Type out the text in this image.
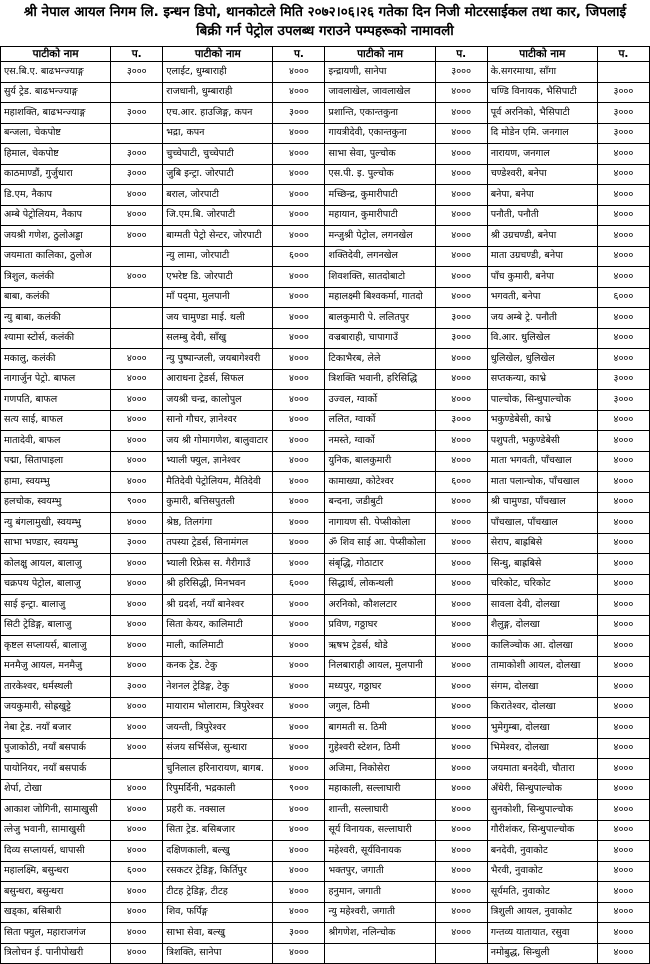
श्री नेपाल आयल निगम लि. इन्धन डिपो, थानकोटले मिति २०७२।०६।२६ गतेका दिन निजी मोटरसाईकल तथा कार, जिपलाई
बिक्री गर्न पेट्रोल उपलब्ध गराउने पम्पहरूको नामावली
पाटीको नाम	प.	पाटीको नाम	प.	पाटीको नाम	प.	पाटीको नाम	प.
एस.बि.ए. बाढभन्ज्याङ्ग	३०००	एलाईट, धुम्बाराही	४०००	इन्द्रायणी, सानेपा	३०००	के.सगरमाथा, साँगा	
सुर्य ट्रेड. बाढभन्ज्याङ्ग		राजधानी, धुम्बाराही	४०००	जावलाखेल, जावलाखेल	४०००	चण्डि विनायक, भैसिपाटी	३०००
महाशक्ति, बाढभन्ज्याङ्ग	३०००	एच.आर. हाउजिङ्ग, कपन	३०००	प्रशान्ति, एकान्तकुना	४०००	पूर्व अरनिको, भैसिपाटी	३०००
बन्जला, चेकपोष्ट		भद्रा, कपन	४०००	गायत्रीदेवी, एकान्तकुना	४०००	दि मोडेन एमि. जनगाल	३०००
हिमाल, चेकपोष्ट	३०००	चुच्चेपाटी, चुच्चेपाटी	४०००	साभा सेवा, पुल्चोक	४०००	नारायण, जनगाल	४०००
काठमाण्डौं, गुर्जुधारा	३०००	जुबि इन्ट्रा. जोरपाटी	४०००	एस.पी. इ. पुल्चोक	४०००	चण्डेश्वरी, बनेपा	४०००
डि.एम, नैकाप	४०००	बराल, जोरपाटी	४०००	मच्छिन्द्र, कुमारीपाटी	४०००	बनेपा, बनेपा	४०००
अम्बे पेट्रोलियम, नैकाप	४०००	जि.एम.बि. जोरपाटी	४०००	महायान, कुमारीपाटी	४०००	पनौती, पनौती	४०००
जयश्री गणेश, ठुलोअड्डा	४०००	बाग्मती पेट्रो सेन्टर, जोरपाटी	४०००	मन्जुश्री पेट्रोल, लगनखेल	४०००	श्री उग्रचण्डी, बनेपा	४०००
जयमाता कालिका, ठुलोअ		न्यु लामा, जोरपाटी	६०००	शक्तिदेवी, लगनखेल	४०००	माता उग्रचण्डी, बनेपा	४०००
त्रिशुल, कलंकी	४०००	एभरेष्ट डि. जोरपाटी	४०००	शिवशक्ति, सातदोबाटो	४०००	पाँच कुमारी, बनेपा	४०००
बाबा, कलंकी		माँ पद्‍मा, मुलपानी	४०००	महालक्ष्मी बिश्वकर्मा, गातदो	४०००	भगवती, बनेपा	६०००
न्यु बाबा, कलंकी		जय चामुण्डा माई. थली	४०००	बालकुमारी पे. ललितपुर	३०००	जय अम्बे ट्रे. पनौती	४०००
श्यामा स्टोर्स, कलंकी		सलम्बु देवी, साँखु	४०००	वज्रबाराही, चापागाउँ	३०००	वि.आर. धुलिखेल	४०००
मकालु, कलंकी	४०००	न्यु पुष्पान्जली, जयबागेश्वरी	४०००	टिकाभैरब, लेले	४०००	धुलिखेल, धुलिखेल	४०००
नागार्जुन पेट्रो. बाफल	४०००	आराधना ट्रेडर्स, सिफल	४०००	त्रिशक्ति भवानी, हरिसिद्धि	४०००	सप्तकन्या, काभ्रे	३०००
गणपति, बाफल	४०००	जयश्री चन्द्र, कालोपुल	४०००	उज्वल, ग्वार्को	४०००	पाल्चोक, सिन्धुपाल्चोक	३०००
सत्य साई, बाफल	४०००	सानो गौचर, ज्ञानेश्वर	४०००	ललित, ग्वार्को	३०००	भकुण्डेबेसी, काभ्रे	४०००
मातादेवी, बाफल	४०००	जय श्री गोमागणेश, बालुवाटार	४०००	नमस्ते, ग्वार्को	४०००	पशुपती, भकुण्डेबेसी	४०००
पद्मा, सितापाइला	४०००	भ्याली फ्युल, ज्ञानेश्वर	४०००	युनिक, बालकुमारी	४०००	माता भगवती, पाँचखाल	४०००
हामा, स्वयम्भु	४०००	मैतिदेवी पेट्रोलियम, मैतिदेवी	४०००	कामाख्या, कोटेश्वर	६०००	माता पलान्चोक, पाँचखाल	४०००
हलचोक, स्वयम्भु	९०००	कुमारी, बत्तिसपुतली	४०००	बन्दना, जडीबुटी	४०००	श्री चामुण्डा, पाँचखाल	४०००
न्यु बंगलामुखी, स्वयम्भु	४०००	श्रेष्ठ, तिलगंगा	४०००	नागायण सी. पेप्सीकोला	४०००	पाँचखाल, पाँचखाल	४०००
साभा भण्डार, स्वयम्भु	३०००	तपस्या ट्रेडर्स, सिनामंगल	४०००	ॐ शिव साई आ. पेप्सीकोला	४०००	सेराप, बाह्रबिसे	४०००
कोलक्षु आयल, बालाजु	४०००	भ्याली रिफ्रेस स. गैरीगाउँ	४०००	संबृद्धि, गोठाटार	४०००	सिन्धु, बाह्रबिसे	४०००
चक्रपथ पेट्रोल, बालाजु	४०००	श्री हरिसिद्धी, मिनभवन	६०००	सिद्धार्थ, लोकन्थली	४०००	चरिकोट, चरिकोट	४०००
साई इन्ट्रा. बालाजु	४०००	श्री ग्रदर्श, नयाँ बानेश्वर	४०००	अरनिको, कौशलटार	४०००	सावला देवी, दोलखा	४०००
सिटी ट्रेडिङ्ग, बालाजु	४०००	सिता केयर, कालिमाटी	४०००	प्रविण, गठ्ठाघर	४०००	शैलुङ्ग, दोलखा	४०००
कृष्टल सप्लायर्स, बालाजु	४०००	माली, कालिमाटी	४०००	ऋषभ ट्रेडर्स, थोडे	४०००	कालिञ्चोक आ. दोलखा	४०००
मनमैजु आयल, मनमैजु	४०००	कनक ट्रेड. टेकु	४०००	निलबाराही आयल, मुलपानी	४०००	तामाकोशी आयल, दोलखा	४०००
तारकेश्वर, धर्मस्थली	३०००	नेशनल ट्रेडिङ्ग, टेकु	४०००	मध्यपुर, गठ्ठाघर	४०००	संगम, दोलखा	४०००
जयकुमारी, सोह्रखुट्टे	४०००	मायाराम भोलाराम, त्रिपुरेश्वर	४०००	जगुल, ठिमी	४०००	किरातेश्वर, दोलखा	४०००
नेबा ट्रेड. नयाँ बजार	४०००	जयन्ती, त्रिपुरेश्वर	४०००	बागमती स. ठिमी	४०००	भुमेगुम्बा, दोलखा	४०००
पुजाकोठी, नयाँ बसपार्क	४०००	संजय सर्भिसेज, सुन्धारा	४०००	गुहेश्वरी स्टेशन, ठिमी	४०००	भिमेश्वर, दोलखा	४०००
पायोनियर, नयाँ बसपार्क		चुनिलाल हरिनारायण, बागब.	४०००	अजिमा, निकोसेरा	४०००	जयमाता बनदेवी, चौतारा	४०००
शेर्पा, टोखा	४०००	रिपुमर्दिनी, भद्रकाली	९०००	महाकाली, सल्लाघारी	४०००	अँधेरी, सिन्धुपाल्चोक	४०००
आकाश जोगिनी, सामाखुसी	४०००	प्रहरी क. नक्साल	४०००	शान्ती, सल्लाघारी	४०००	सुनकोशी, सिन्धुपाल्चोक	४०००
त्लेजु भवानी, सामाखुसी	४०००	सिता ट्रेड. बसिबजार	४०००	सूर्य विनायक, सल्लाघारी	४०००	गौरीशंकर, सिन्धुपाल्चोक	४०००
दिव्य सप्लायर्स, धापासी	४०००	दक्षिणकाली, बल्खु	४०००	महेश्वरी, सूर्यविनायक	४०००	बनदेवी, नुवाकोट	४०००
महालक्ष्मि, बसुन्धरा	६०००	रसकटर ट्रेडिङ्ग, किर्तिपुर	४०००	भक्तपुर, जगाती	४०००	भैरवी, नुवाकोट	४०००
बसुन्धरा, बसुन्धरा	४०००	टीटह ट्रेडिङ्ग, टीटह	४०००	हनुमान, जगाती	४०००	सूर्यमति, नुवाकोट	४०००
खड्का, बसिबारी	४०००	शिव, फर्पिङ्ग	४०००	न्यु महेश्वरी, जगाती	४०००	त्रिशुली आयल, नुवाकोट	४०००
सिता फ्युल, महाराजगंज	४०००	साभा सेवा, बल्खु	३०००	श्रीगणेश, नलिन्चोक	४०००	गन्तव्य यातायात, रसुवा	४०००
त्रिलोचन ई. पानीपोखरी	४०००	त्रिशक्ति, सानेपा	४०००			नमोबुद्ध, सिन्धुली	४०००
